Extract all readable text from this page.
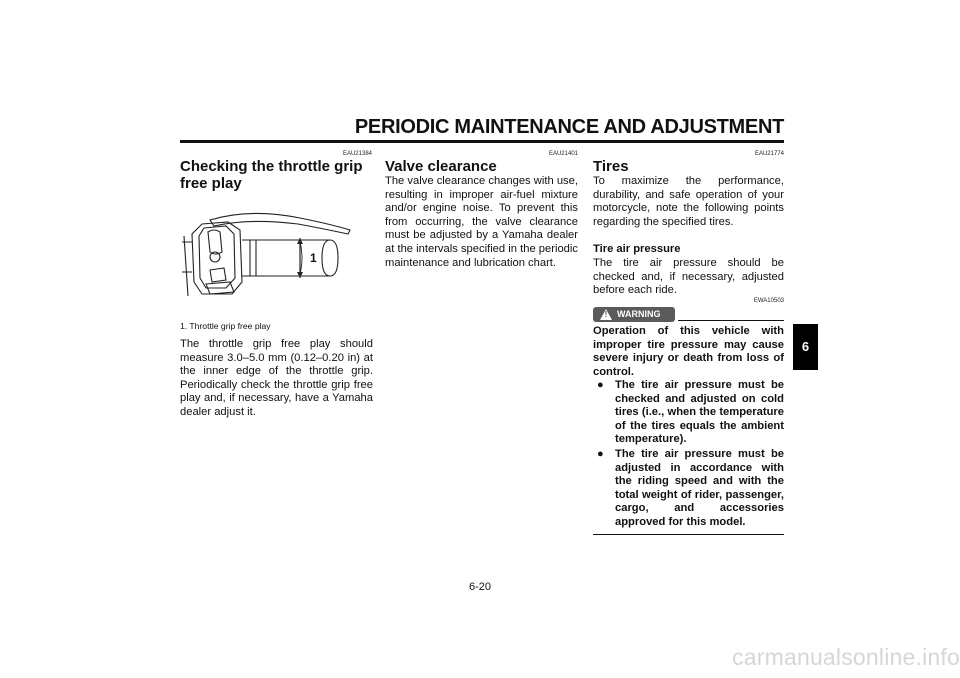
PERIODIC MAINTENANCE AND ADJUSTMENT
EAU21384
Checking the throttle grip free play
1
1. Throttle grip free play
The throttle grip free play should measure 3.0–5.0 mm (0.12–0.20 in) at the inner edge of the throttle grip. Periodically check the throttle grip free play and, if necessary, have a Yamaha dealer adjust it.
EAU21401
Valve clearance
The valve clearance changes with use, resulting in improper air-fuel mixture and/or engine noise. To prevent this from occurring, the valve clearance must be adjusted by a Yamaha dealer at the intervals specified in the periodic maintenance and lubrication chart.
EAU21774
Tires
To maximize the performance, durability, and safe operation of your motorcycle, note the following points regarding the specified tires.
Tire air pressure
The tire air pressure should be checked and, if necessary, adjusted before each ride.
EWA10503
! WARNING
Operation of this vehicle with improper tire pressure may cause severe injury or death from loss of control.
● The tire air pressure must be checked and adjusted on cold tires (i.e., when the temperature of the tires equals the ambient temperature).
● The tire air pressure must be adjusted in accordance with the riding speed and with the total weight of rider, passenger, cargo, and accessories approved for this model.
6
6-20
carmanualsonline.info
